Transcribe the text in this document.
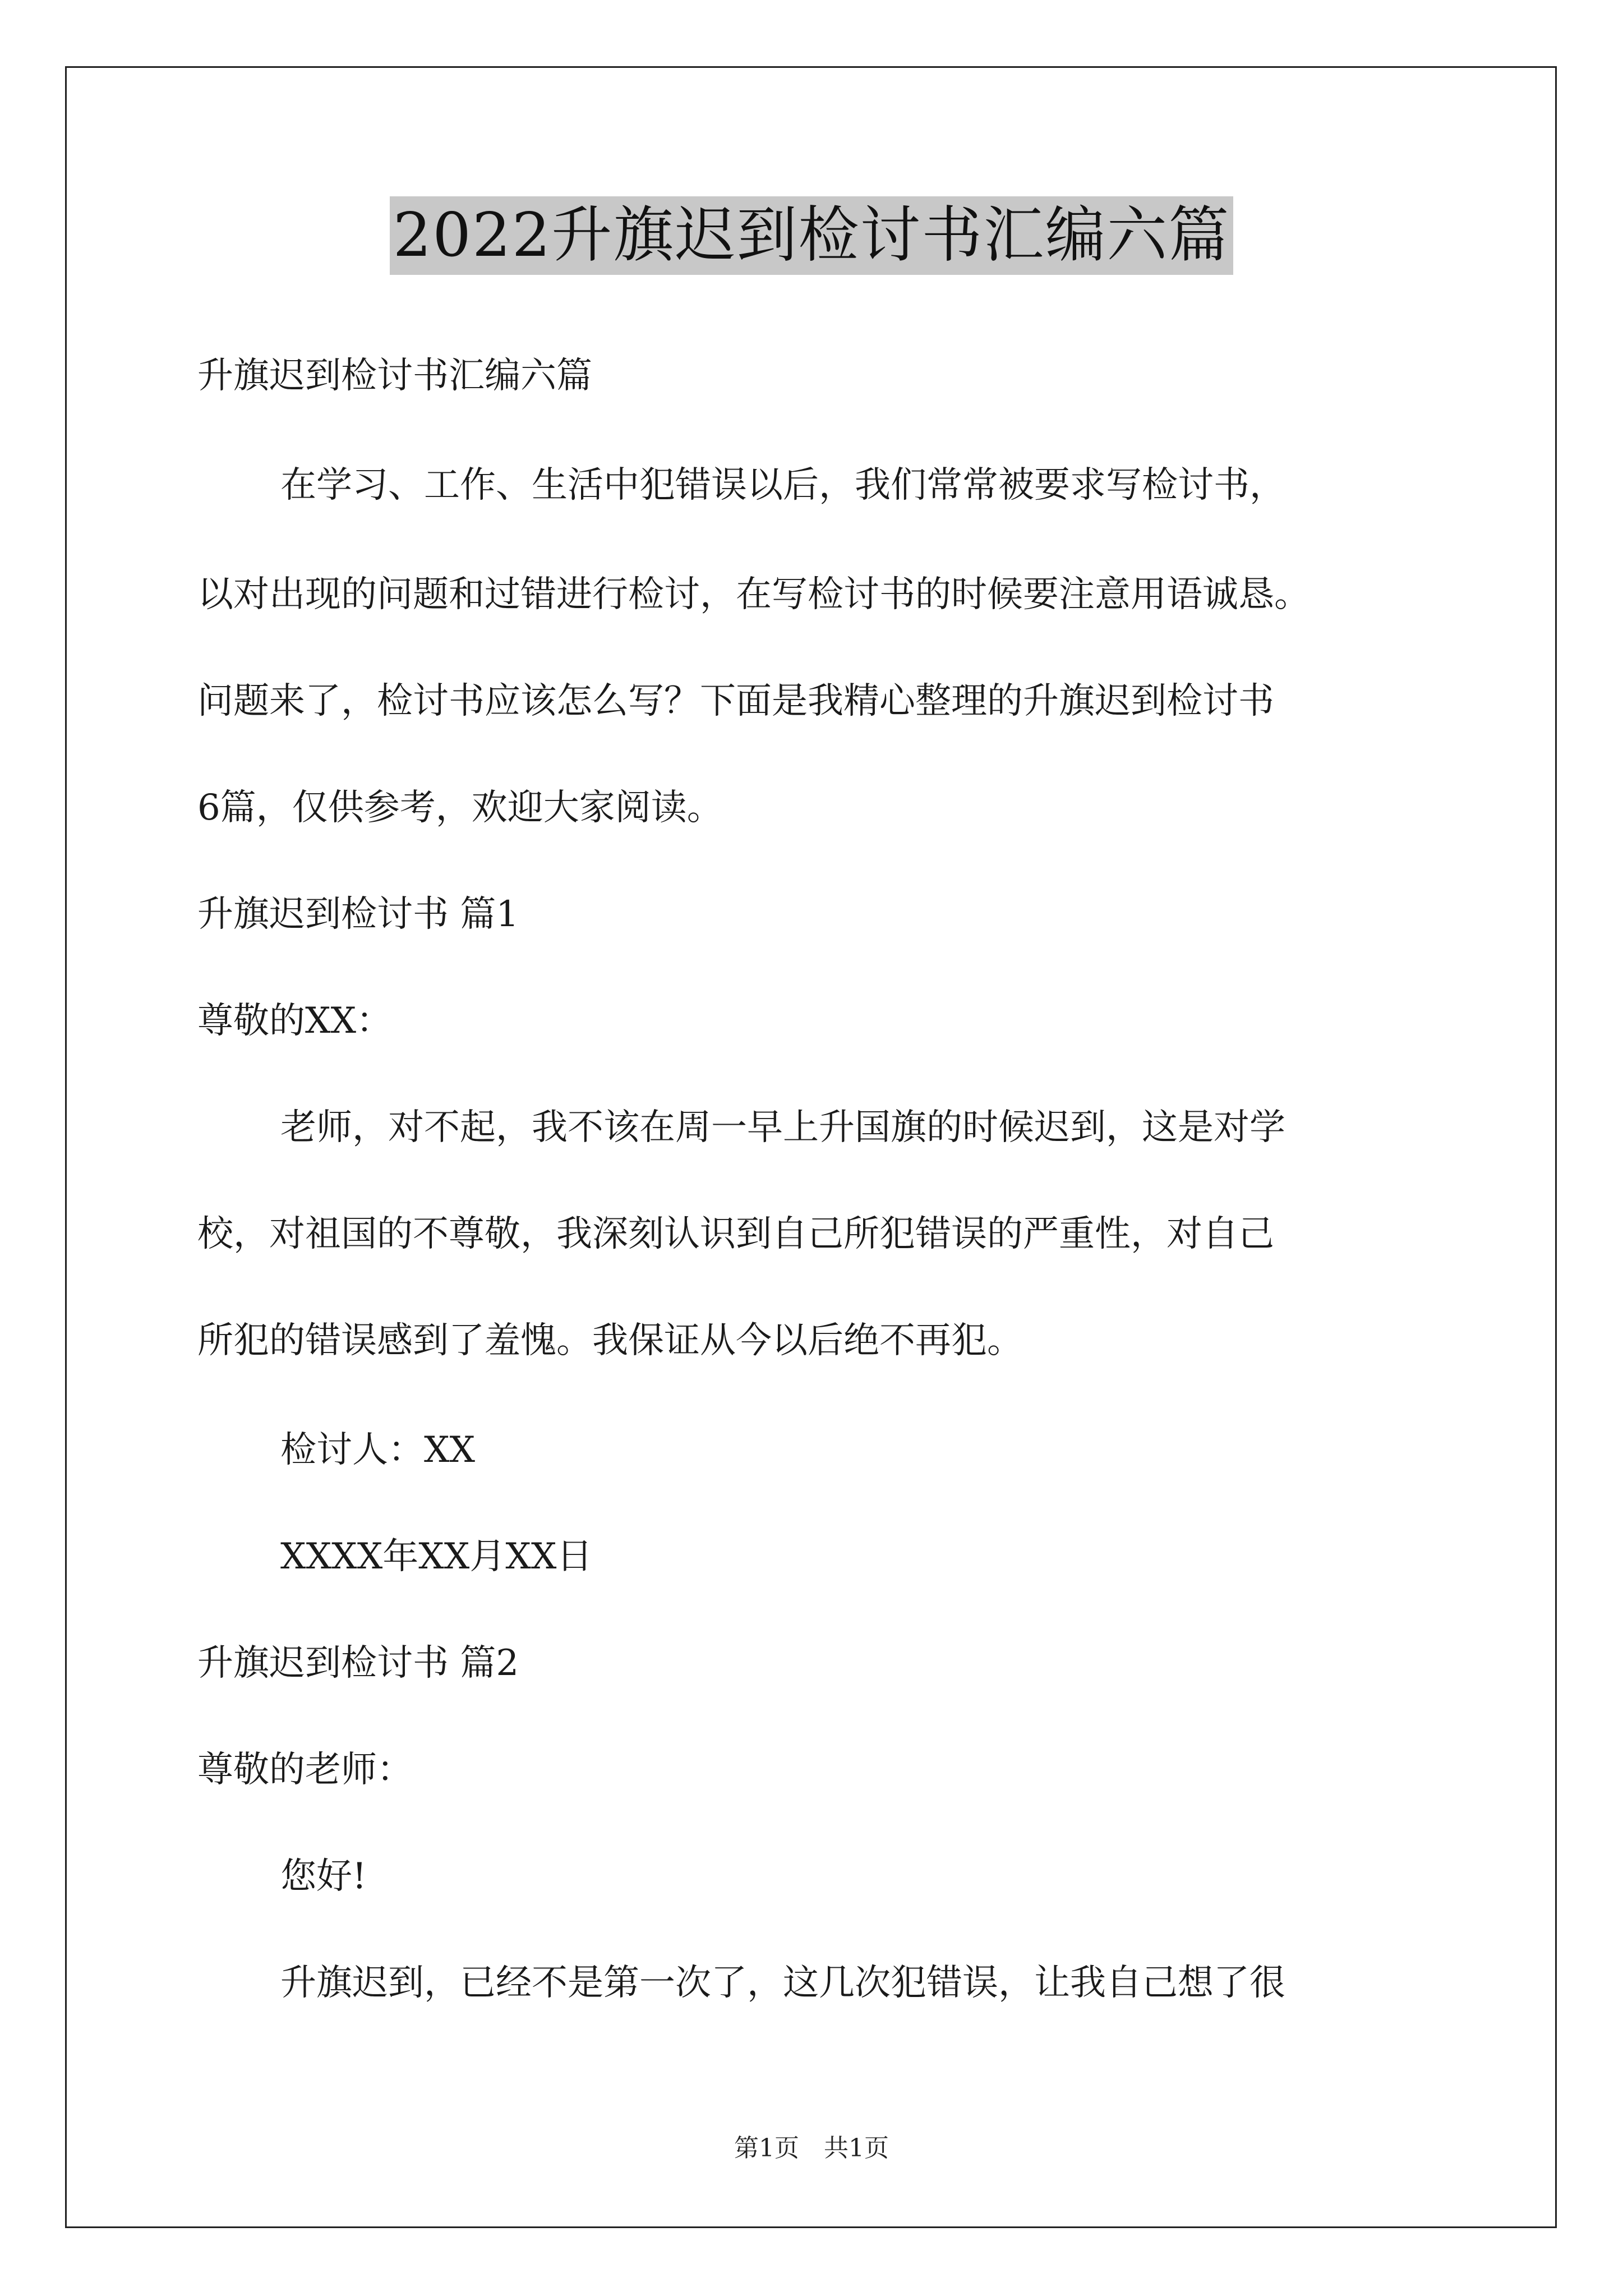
2022升旗迟到检讨书汇编六篇
升旗迟到检讨书汇编六篇
在学习、工作、生活中犯错误以后，我们常常被要求写检讨书，
以对出现的问题和过错进行检讨，在写检讨书的时候要注意用语诚恳。
问题来了，检讨书应该怎么写？下面是我精心整理的升旗迟到检讨书
6篇，仅供参考，欢迎大家阅读。
升旗迟到检讨书 篇1
尊敬的XX：
老师，对不起，我不该在周一早上升国旗的时候迟到，这是对学
校，对祖国的不尊敬，我深刻认识到自己所犯错误的严重性，对自己
所犯的错误感到了羞愧。我保证从今以后绝不再犯。
检讨人：XX
XXXX年XX月XX日
升旗迟到检讨书 篇2
尊敬的老师：
您好!
升旗迟到，已经不是第一次了，这几次犯错误，让我自己想了很
第1页　共1页
